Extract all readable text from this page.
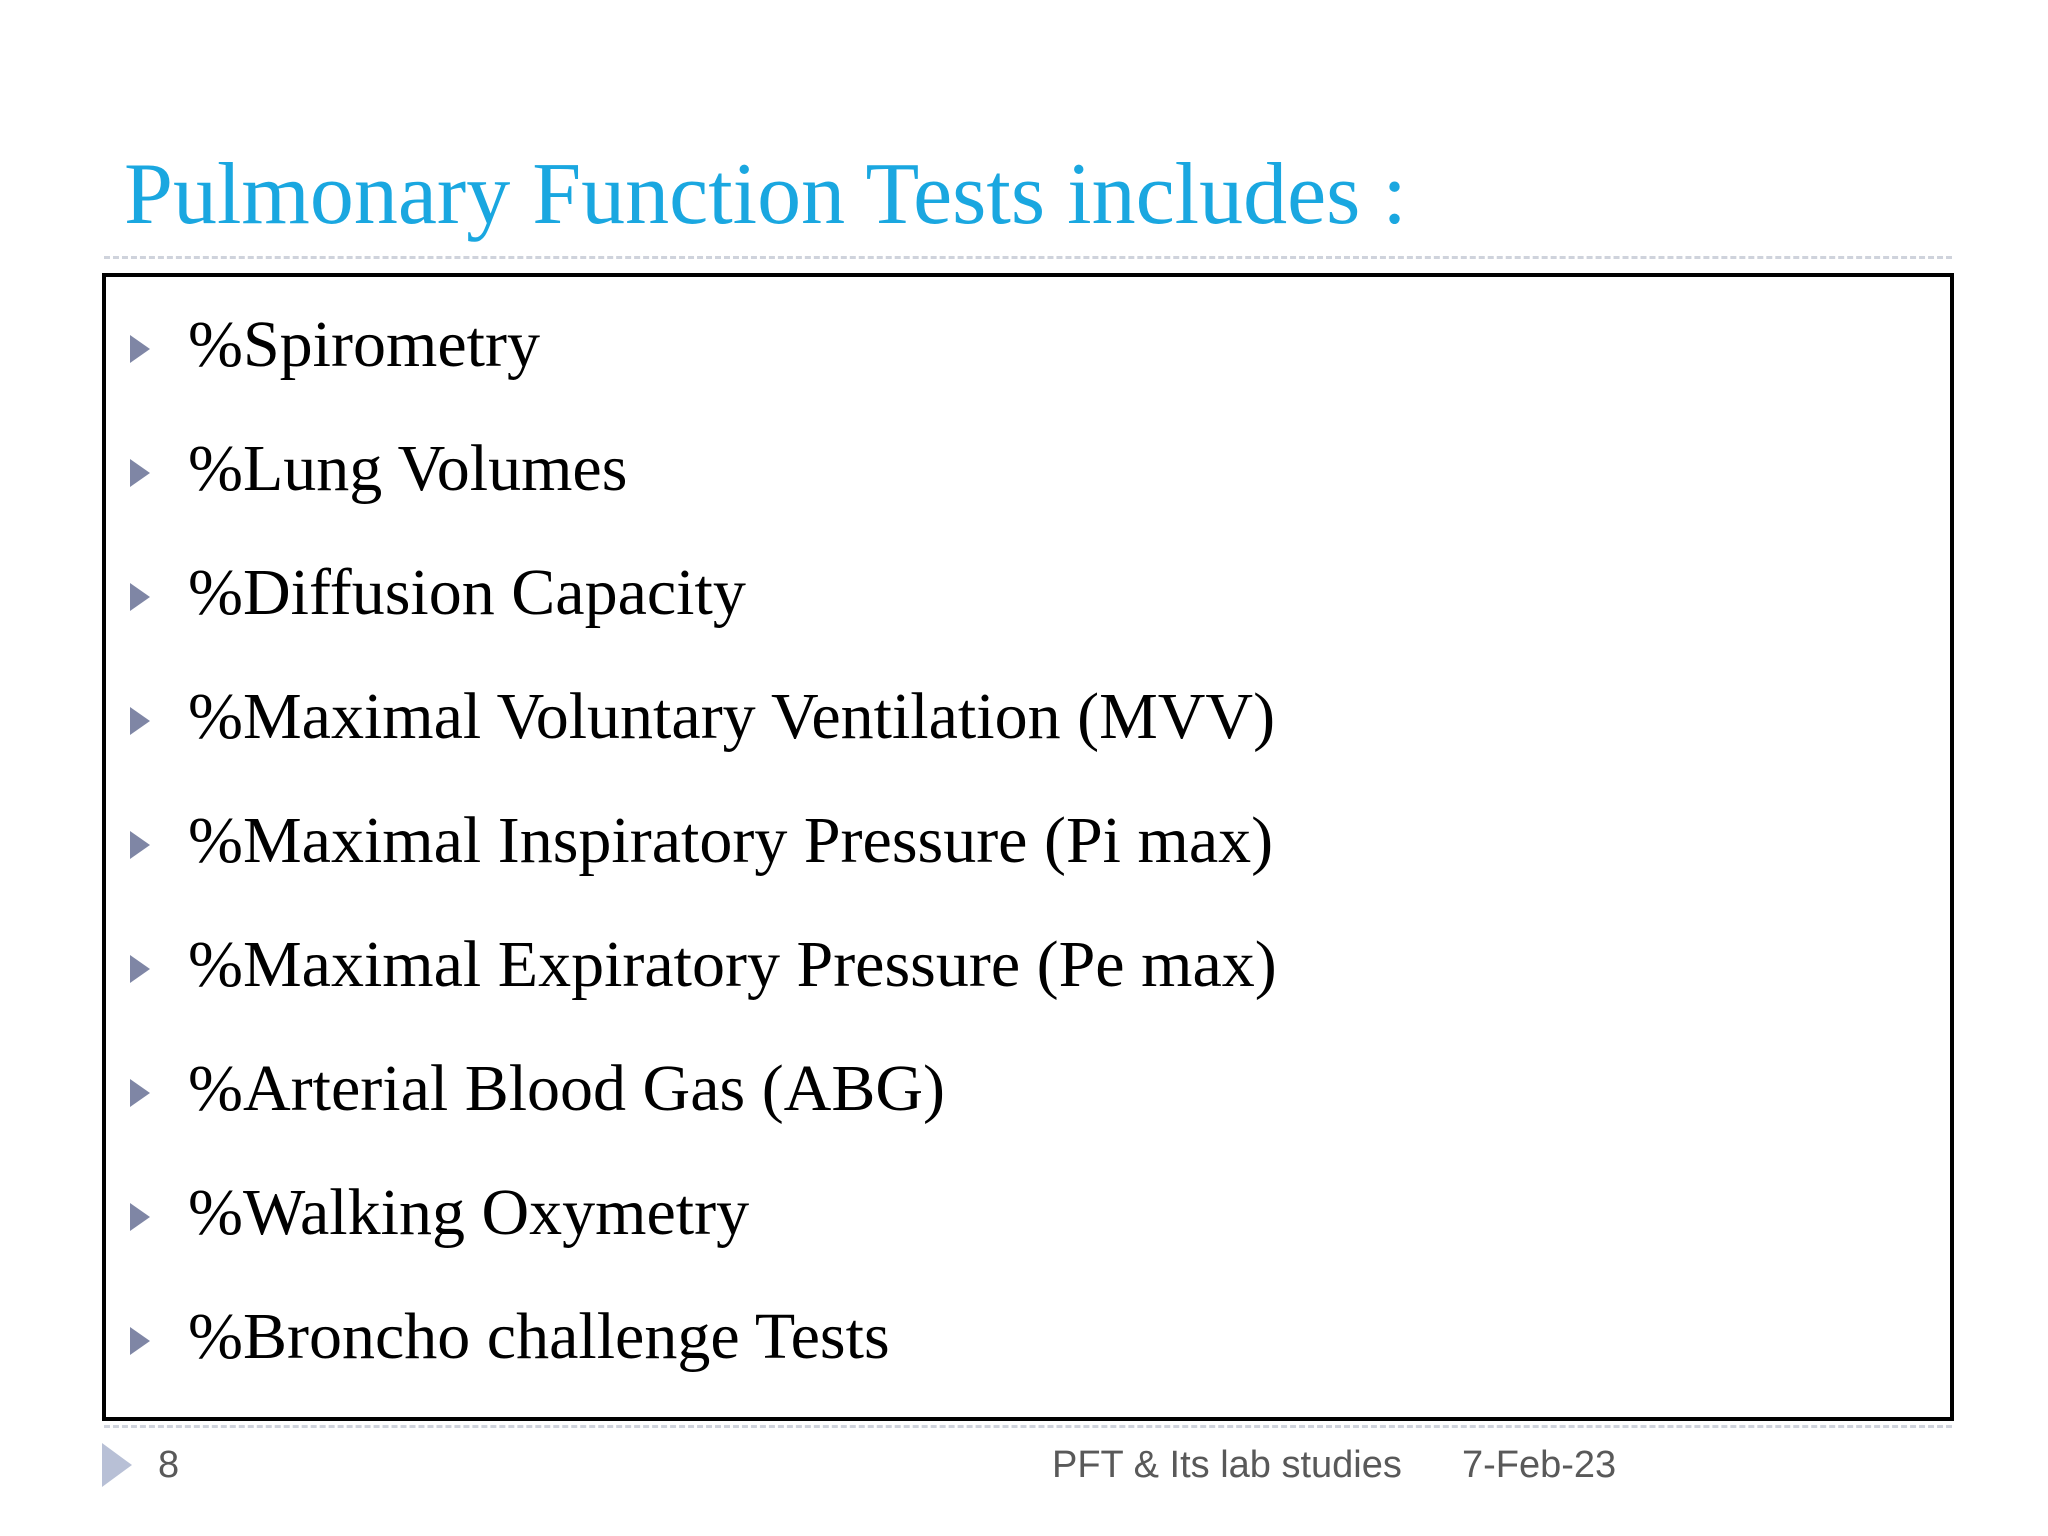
Pulmonary Function Tests includes :
%Spirometry
%Lung Volumes
%Diffusion Capacity
%Maximal Voluntary Ventilation (MVV)
%Maximal Inspiratory Pressure (Pi max)
%Maximal Expiratory Pressure (Pe max)
%Arterial Blood Gas (ABG)
%Walking Oxymetry
%Broncho challenge Tests
8	PFT & Its lab studies 7-Feb-23
